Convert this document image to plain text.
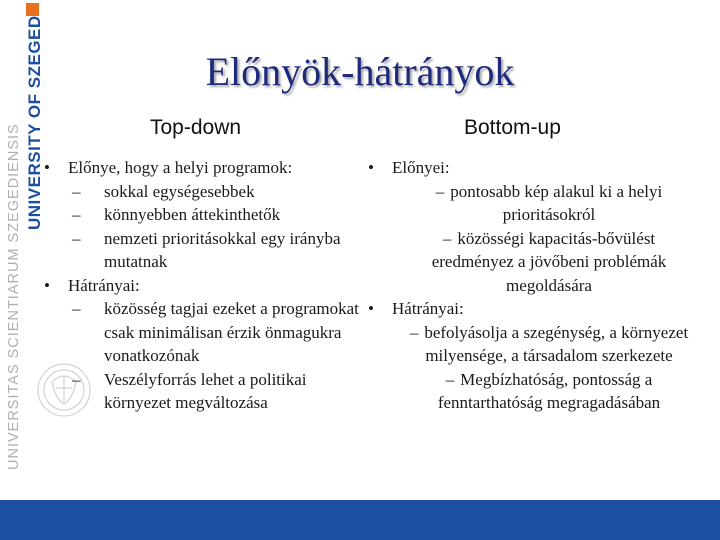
UNIVERSITY OF SZEGED
UNIVERSITAS SCIENTIARUM SZEGEDIENSIS
Előnyök-hátrányok
Top-down	Bottom-up
• Előnye, hogy a helyi programok:
– sokkal egységesebbek
– könnyebben áttekinthetők
– nemzeti prioritásokkal egy irányba mutatnak
• Hátrányai:
– közösség tagjai ezeket a programokat csak minimálisan érzik önmagukra vonatkozónak
– Veszélyforrás lehet a politikai környezet megváltozása
• Előnyei:
– pontosabb kép alakul ki a helyi prioritásokról
– közösségi kapacitás-bővülést eredményez a jövőbeni problémák megoldására
• Hátrányai:
– befolyásolja a szegénység, a környezet milyensége, a társadalom szerkezete
– Megbízhatóság, pontosság a fenntarthatóság megragadásában
